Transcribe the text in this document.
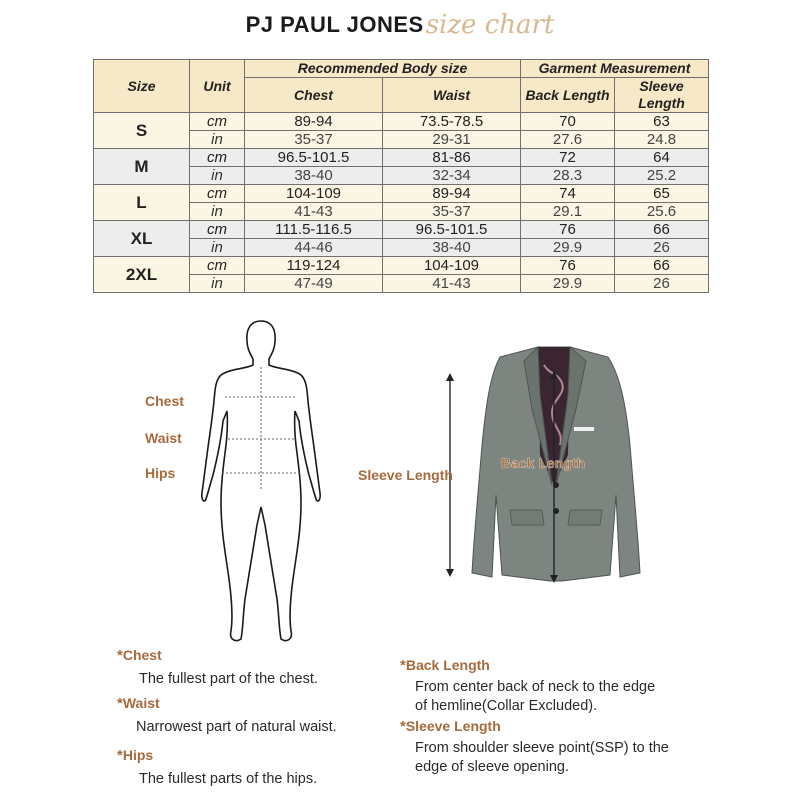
PJ PAUL JONESsize chart
Size	Unit	Recommended Body size		Garment Measurement	
		Chest	Waist	Back Length	Sleeve Length
S	cm	89-94	73.5-78.5	70	63
	in	35-37	29-31	27.6	24.8
M	cm	96.5-101.5	81-86	72	64
	in	38-40	32-34	28.3	25.2
L	cm	104-109	89-94	74	65
	in	41-43	35-37	29.1	25.6
XL	cm	111.5-116.5	96.5-101.5	76	66
	in	44-46	38-40	29.9	26
2XL	cm	119-124	104-109	76	66
	in	47-49	41-43	29.9	26
Chest
Waist
Hips
Back Length
Sleeve Length
*Chest
The fullest part of the chest.
*Waist
Narrowest part of natural waist.
*Hips
The fullest parts of the hips.
*Back Length
From center back of neck to the edge
of hemline(Collar Excluded).
*Sleeve Length
From shoulder sleeve point(SSP) to the
edge of sleeve opening.
